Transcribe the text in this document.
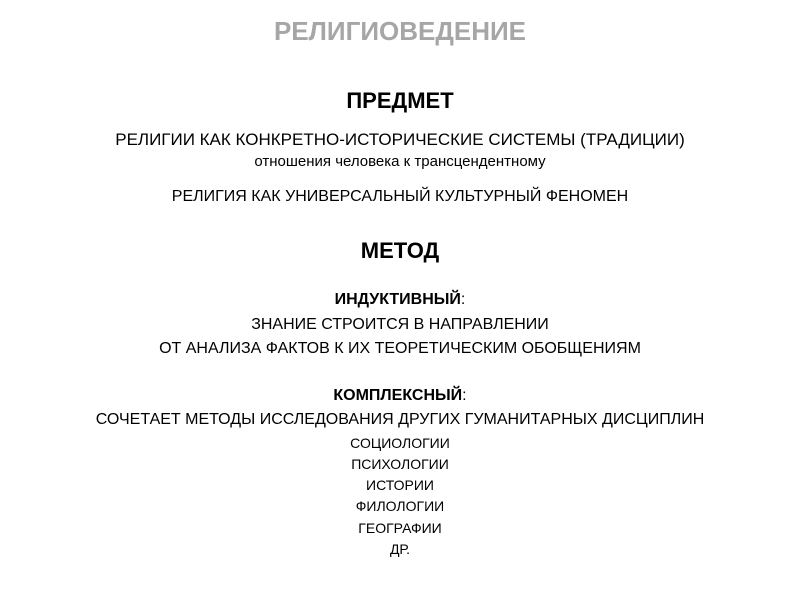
РЕЛИГИОВЕДЕНИЕ
ПРЕДМЕТ
РЕЛИГИИ КАК КОНКРЕТНО-ИСТОРИЧЕСКИЕ СИСТЕМЫ (ТРАДИЦИИ)
отношения человека к трансцендентному
РЕЛИГИЯ КАК УНИВЕРСАЛЬНЫЙ КУЛЬТУРНЫЙ ФЕНОМЕН
МЕТОД
ИНДУКТИВНЫЙ:
ЗНАНИЕ СТРОИТСЯ В НАПРАВЛЕНИИ
ОТ АНАЛИЗА ФАКТОВ К ИХ ТЕОРЕТИЧЕСКИМ ОБОБЩЕНИЯМ
КОМПЛЕКСНЫЙ:
СОЧЕТАЕТ МЕТОДЫ ИССЛЕДОВАНИЯ ДРУГИХ ГУМАНИТАРНЫХ ДИСЦИПЛИН
СОЦИОЛОГИИ
ПСИХОЛОГИИ
ИСТОРИИ
ФИЛОЛОГИИ
ГЕОГРАФИИ
ДР.
